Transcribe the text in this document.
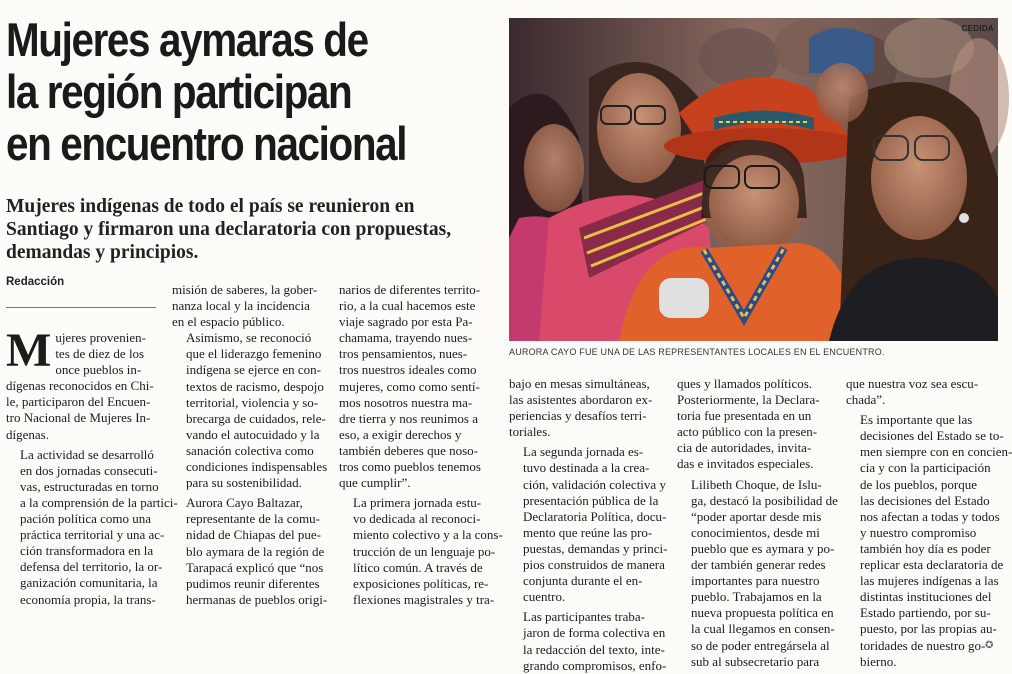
Mujeres aymaras de
la región participan
en encuentro nacional
Mujeres indígenas de todo el país se reunieron en
Santiago y firmaron una declaratoria con propuestas,
demandas y principios.
Redacción
CEDIDA
AURORA CAYO FUE UNA DE LAS REPRESENTANTES LOCALES EN EL ENCUENTRO.

M ujeres provenien-
tes de diez de los
once pueblos in-
dígenas reconocidos en Chi-
le, participaron del Encuen-
tro Nacional de Mujeres In-
dígenas.

La actividad se desarrolló
en dos jornadas consecuti-
vas, estructuradas en torno
a la comprensión de la partici-
pación política como una
práctica territorial y una ac-
ción transformadora en la
defensa del territorio, la or-
ganización comunitaria, la
economía propia, la trans-

misión de saberes, la gober-
nanza local y la incidencia
en el espacio público.

Asimismo, se reconoció
que el liderazgo femenino
indígena se ejerce en con-
textos de racismo, despojo
territorial, violencia y so-
brecarga de cuidados, rele-
vando el autocuidado y la
sanación colectiva como
condiciones indispensables
para su sostenibilidad.

Aurora Cayo Baltazar,
representante de la comu-
nidad de Chiapas del pue-
blo aymara de la región de
Tarapacá explicó que “nos
pudimos reunir diferentes
hermanas de pueblos origi-

narios de diferentes territo-
rio, a la cual hacemos este
viaje sagrado por esta Pa-
chamama, trayendo nues-
tros pensamientos, nues-
tros nuestros ideales como
mujeres, como como sentí-
mos nosotros nuestra ma-
dre tierra y nos reunimos a
eso, a exigir derechos y
también deberes que noso-
tros como pueblos tenemos
que cumplir”.

La primera jornada estu-
vo dedicada al reconoci-
miento colectivo y a la cons-
trucción de un lenguaje po-
lítico común. A través de
exposiciones políticas, re-
flexiones magistrales y tra-

bajo en mesas simultáneas,
las asistentes abordaron ex-
periencias y desafíos terri-
toriales.

La segunda jornada es-
tuvo destinada a la crea-
ción, validación colectiva y
presentación pública de la
Declaratoria Política, docu-
mento que reúne las pro-
puestas, demandas y princi-
pios construidos de manera
conjunta durante el en-
cuentro.

Las participantes traba-
jaron de forma colectiva en
la redacción del texto, inte-
grando compromisos, enfo-

ques y llamados políticos.
Posteriormente, la Declara-
toria fue presentada en un
acto público con la presen-
cia de autoridades, invita-
das e invitados especiales.

Lilibeth Choque, de Islu-
ga, destacó la posibilidad de
“poder aportar desde mis
conocimientos, desde mi
pueblo que es aymara y po-
der también generar redes
importantes para nuestro
pueblo. Trabajamos en la
nueva propuesta política en
la cual llegamos en consen-
so de poder entregársela al
sub al subsecretario para

que nuestra voz sea escu-
chada”.

Es importante que las
decisiones del Estado se to-
men siempre con en concien-
cia y con la participación
de los pueblos, porque
las decisiones del Estado
nos afectan a todas y todos
y nuestro compromiso
también hoy día es poder
replicar esta declaratoria de
las mujeres indígenas a las
distintas instituciones del
Estado partiendo, por su-
puesto, por las propias au-
toridades de nuestro go-
bierno.

✪
